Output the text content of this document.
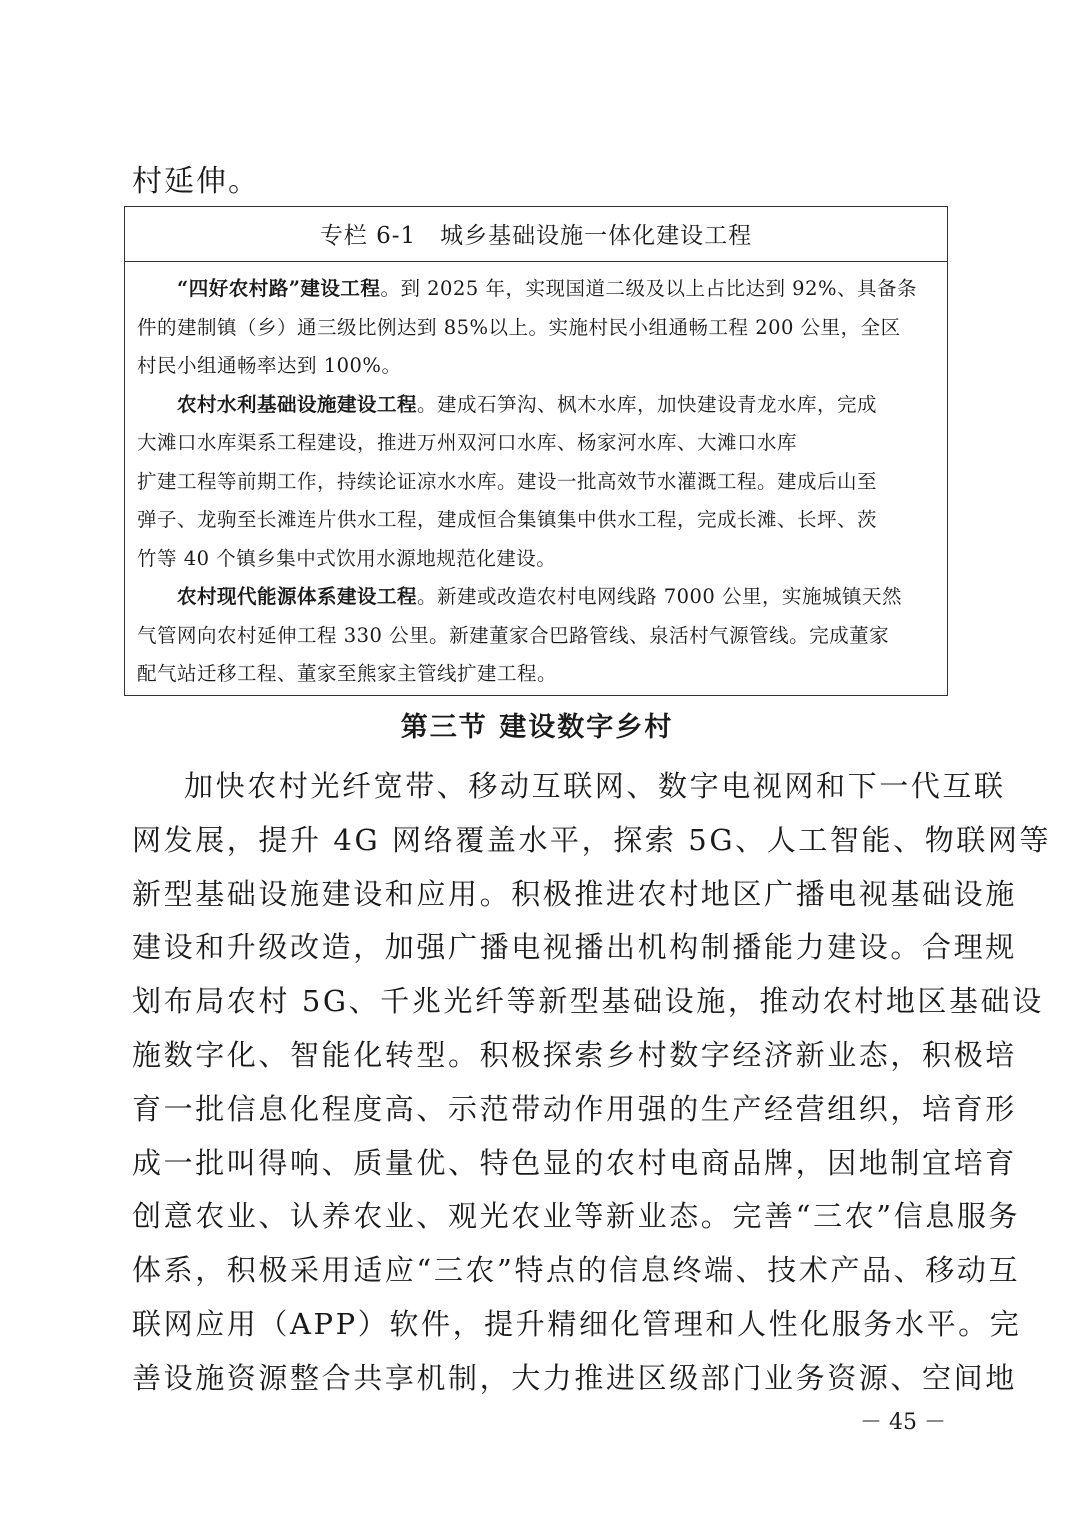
村延伸。
专栏 6-1　城乡基础设施一体化建设工程
“四好农村路”建设工程。到 2025 年，实现国道二级及以上占比达到 92%、具备条
件的建制镇（乡）通三级比例达到 85%以上。实施村民小组通畅工程 200 公里，全区
村民小组通畅率达到 100%。
农村水利基础设施建设工程。建成石笋沟、枫木水库，加快建设青龙水库，完成
大滩口水库渠系工程建设，推进万州双河口水库、杨家河水库、大滩口水库
扩建工程等前期工作，持续论证凉水水库。建设一批高效节水灌溉工程。建成后山至
弹子、龙驹至长滩连片供水工程，建成恒合集镇集中供水工程，完成长滩、长坪、茨
竹等 40 个镇乡集中式饮用水源地规范化建设。
农村现代能源体系建设工程。新建或改造农村电网线路 7000 公里，实施城镇天然
气管网向农村延伸工程 330 公里。新建董家合巴路管线、泉活村气源管线。完成董家
配气站迁移工程、董家至熊家主管线扩建工程。
第三节 建设数字乡村
加快农村光纤宽带、移动互联网、数字电视网和下一代互联
网发展，提升 4G 网络覆盖水平，探索 5G、人工智能、物联网等
新型基础设施建设和应用。积极推进农村地区广播电视基础设施
建设和升级改造，加强广播电视播出机构制播能力建设。合理规
划布局农村 5G、千兆光纤等新型基础设施，推动农村地区基础设
施数字化、智能化转型。积极探索乡村数字经济新业态，积极培
育一批信息化程度高、示范带动作用强的生产经营组织，培育形
成一批叫得响、质量优、特色显的农村电商品牌，因地制宜培育
创意农业、认养农业、观光农业等新业态。完善“三农”信息服务
体系，积极采用适应“三农”特点的信息终端、技术产品、移动互
联网应用（APP）软件，提升精细化管理和人性化服务水平。完
善设施资源整合共享机制，大力推进区级部门业务资源、空间地
－ 45 －
